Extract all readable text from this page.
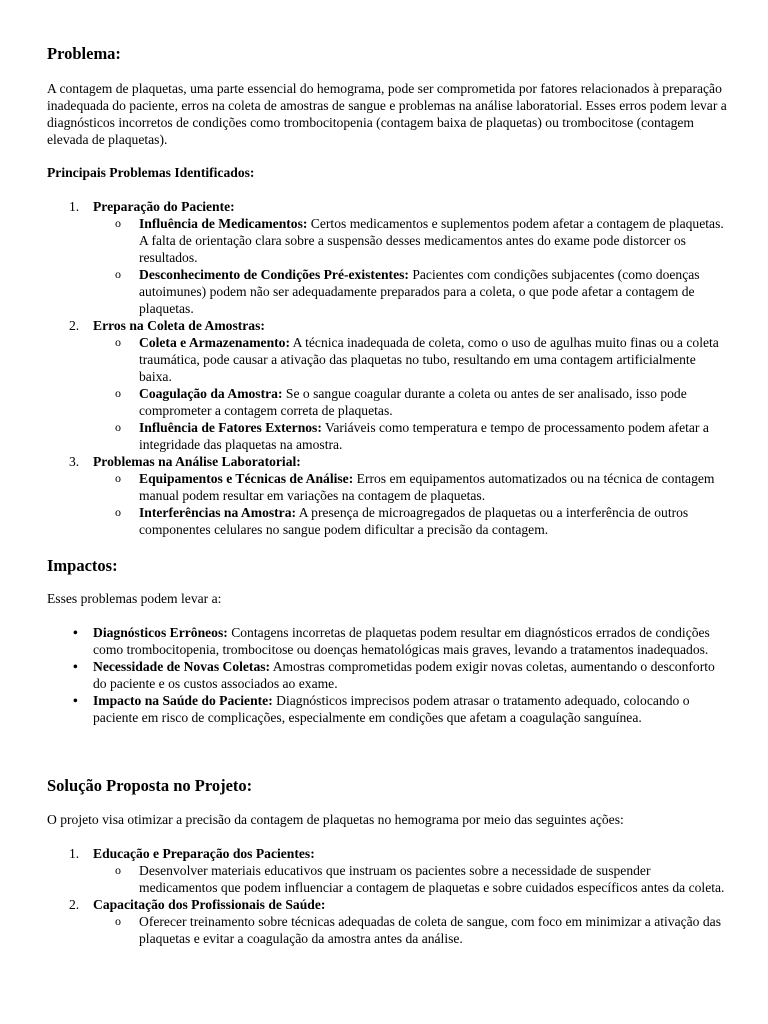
Problema:

A contagem de plaquetas, uma parte essencial do hemograma, pode ser comprometida por fatores relacionados à preparação inadequada do paciente, erros na coleta de amostras de sangue e problemas na análise laboratorial. Esses erros podem levar a diagnósticos incorretos de condições como trombocitopenia (contagem baixa de plaquetas) ou trombocitose (contagem elevada de plaquetas).

Principais Problemas Identificados:

1. Preparação do Paciente:
o Influência de Medicamentos: Certos medicamentos e suplementos podem afetar a contagem de plaquetas. A falta de orientação clara sobre a suspensão desses medicamentos antes do exame pode distorcer os resultados.
o Desconhecimento de Condições Pré-existentes: Pacientes com condições subjacentes (como doenças autoimunes) podem não ser adequadamente preparados para a coleta, o que pode afetar a contagem de plaquetas.
2. Erros na Coleta de Amostras:
o Coleta e Armazenamento: A técnica inadequada de coleta, como o uso de agulhas muito finas ou a coleta traumática, pode causar a ativação das plaquetas no tubo, resultando em uma contagem artificialmente baixa.
o Coagulação da Amostra: Se o sangue coagular durante a coleta ou antes de ser analisado, isso pode comprometer a contagem correta de plaquetas.
o Influência de Fatores Externos: Variáveis como temperatura e tempo de processamento podem afetar a integridade das plaquetas na amostra.
3. Problemas na Análise Laboratorial:
o Equipamentos e Técnicas de Análise: Erros em equipamentos automatizados ou na técnica de contagem manual podem resultar em variações na contagem de plaquetas.
o Interferências na Amostra: A presença de microagregados de plaquetas ou a interferência de outros componentes celulares no sangue podem dificultar a precisão da contagem.
Impactos:

Esses problemas podem levar a:

• Diagnósticos Errôneos: Contagens incorretas de plaquetas podem resultar em diagnósticos errados de condições como trombocitopenia, trombocitose ou doenças hematológicas mais graves, levando a tratamentos inadequados.
• Necessidade de Novas Coletas: Amostras comprometidas podem exigir novas coletas, aumentando o desconforto do paciente e os custos associados ao exame.
• Impacto na Saúde do Paciente: Diagnósticos imprecisos podem atrasar o tratamento adequado, colocando o paciente em risco de complicações, especialmente em condições que afetam a coagulação sanguínea.
Solução Proposta no Projeto:

O projeto visa otimizar a precisão da contagem de plaquetas no hemograma por meio das seguintes ações:

1. Educação e Preparação dos Pacientes:
o Desenvolver materiais educativos que instruam os pacientes sobre a necessidade de suspender medicamentos que podem influenciar a contagem de plaquetas e sobre cuidados específicos antes da coleta.
2. Capacitação dos Profissionais de Saúde:
o Oferecer treinamento sobre técnicas adequadas de coleta de sangue, com foco em minimizar a ativação das plaquetas e evitar a coagulação da amostra antes da análise.
